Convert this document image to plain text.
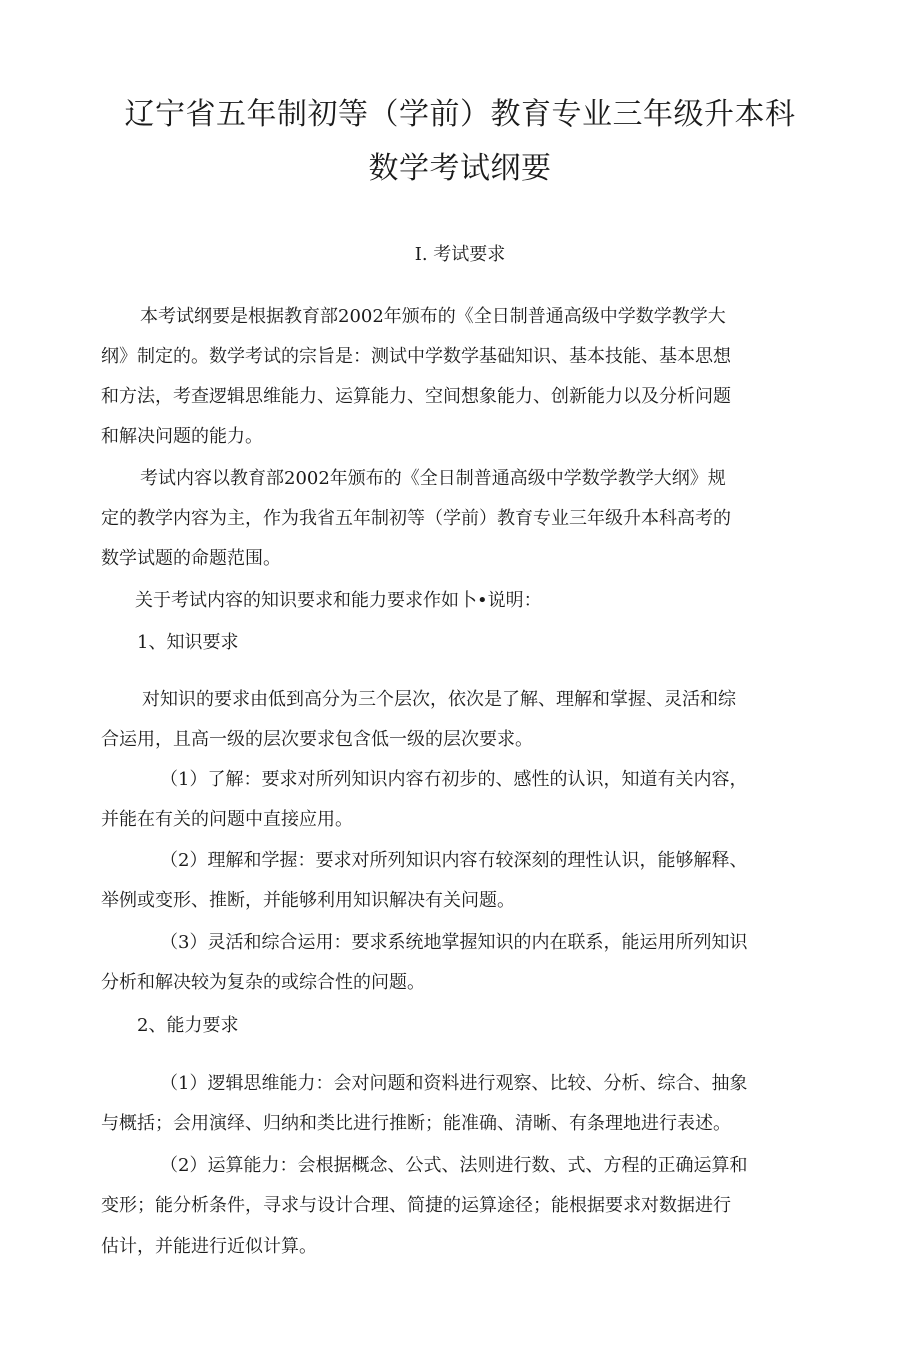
辽宁省五年制初等（学前）教育专业三年级升本科
数学考试纲要
I. 考试要求

本考试纲要是根据教育部2002年颁布的《全日制普通高级中学数学教学大

纲》制定的。数学考试的宗旨是：测试中学数学基础知识、基本技能、基本思想

和方法，考查逻辑思维能力、运算能力、空间想象能力、创新能力以及分析问题

和解决问题的能力。

考试内容以教育部2002年颁布的《全日制普通高级中学数学教学大纲》规

定的教学内容为主，作为我省五年制初等（学前）教育专业三年级升本科高考的

数学试题的命题范围。

关于考试内容的知识要求和能力要求作如卜•说明：

1、知识要求

对知识的要求由低到高分为三个层次，依次是了解、理解和掌握、灵活和综

合运用，且高一级的层次要求包含低一级的层次要求。

（1）了解：要求对所列知识内容冇初步的、感性的认识，知道有关内容，

并能在有关的问题中直接应用。

（2）理解和学握：要求对所列知识内容冇较深刻的理性认识，能够解释、

举例或变形、推断，并能够利用知识解决有关问题。

（3）灵活和综合运用：要求系统地掌握知识的内在联系，能运用所列知识

分析和解决较为复杂的或综合性的问题。

2、能力要求

（1）逻辑思维能力：会对问题和资料进行观察、比较、分析、综合、抽象

与概括；会用演绎、归纳和类比进行推断；能准确、清晰、有条理地进行表述。

（2）运算能力：会根据概念、公式、法则进行数、式、方程的正确运算和

变形；能分析条件，寻求与设计合理、简捷的运算途径；能根据要求对数据进行

估计，并能进行近似计算。
